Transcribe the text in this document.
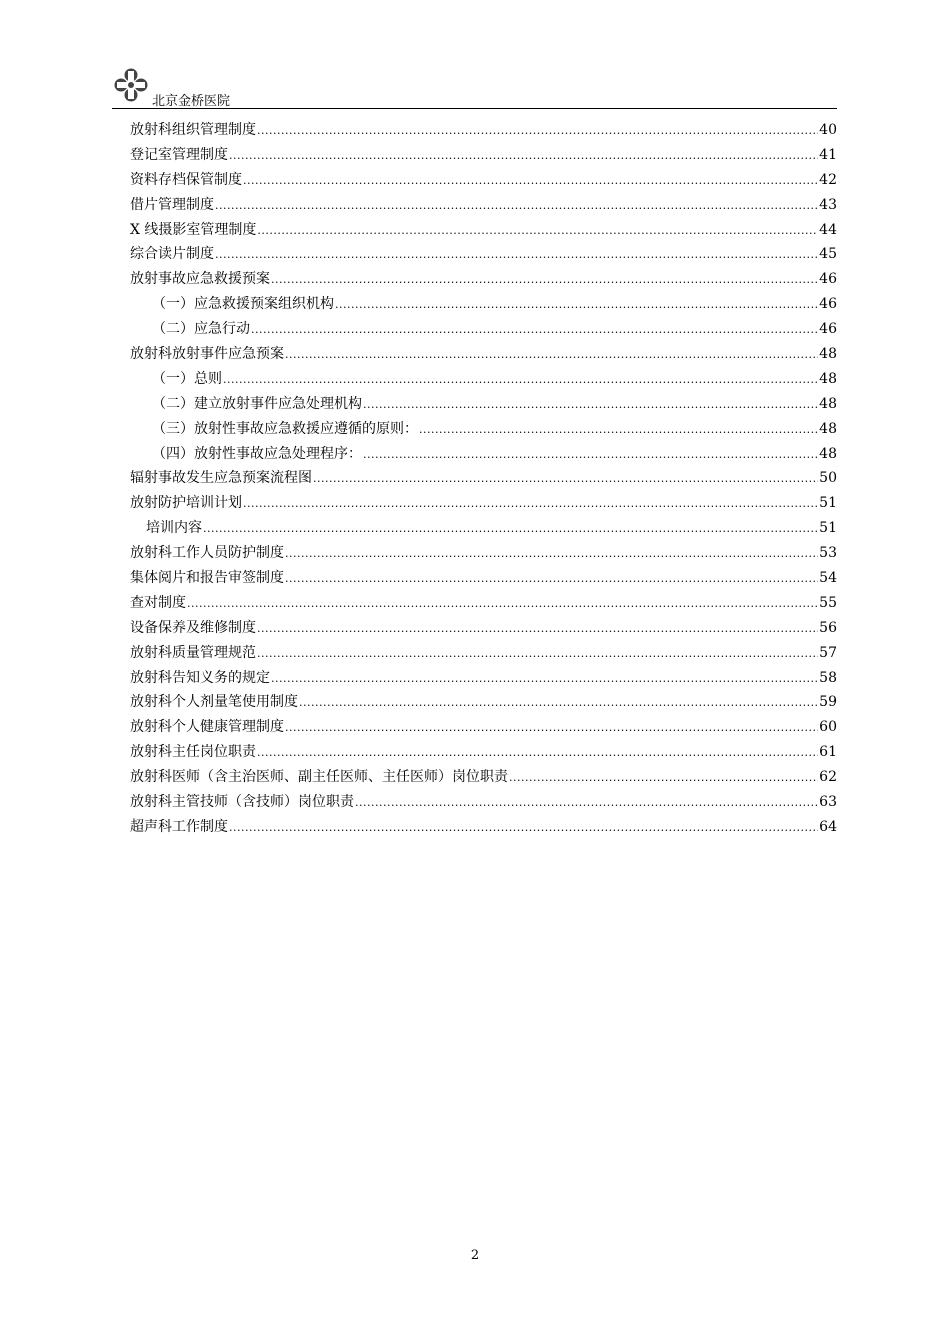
北京金桥医院
放射科组织管理制度 .....	40
登记室管理制度 .....	41
资料存档保管制度 .....	42
借片管理制度 .....	43
X 线摄影室管理制度 .....	44
综合读片制度 .....	45
放射事故应急救援预案 .....	46
（一）应急救援预案组织机构 .....	46
（二）应急行动 .....	46
放射科放射事件应急预案 .....	48
（一）总则 .....	48
（二）建立放射事件应急处理机构 .....	48
（三）放射性事故应急救援应遵循的原则： .....	48
（四）放射性事故应急处理程序： .....	48
辐射事故发生应急预案流程图 .....	50
放射防护培训计划 .....	51
培训内容 .....	51
放射科工作人员防护制度 .....	53
集体阅片和报告审签制度 .....	54
查对制度 .....	55
设备保养及维修制度 .....	56
放射科质量管理规范 .....	57
放射科告知义务的规定 .....	58
放射科个人剂量笔使用制度 .....	59
放射科个人健康管理制度 .....	60
放射科主任岗位职责 .....	61
放射科医师（含主治医师、副主任医师、主任医师）岗位职责 .....	62
放射科主管技师（含技师）岗位职责 .....	63
超声科工作制度 .....	64
2
